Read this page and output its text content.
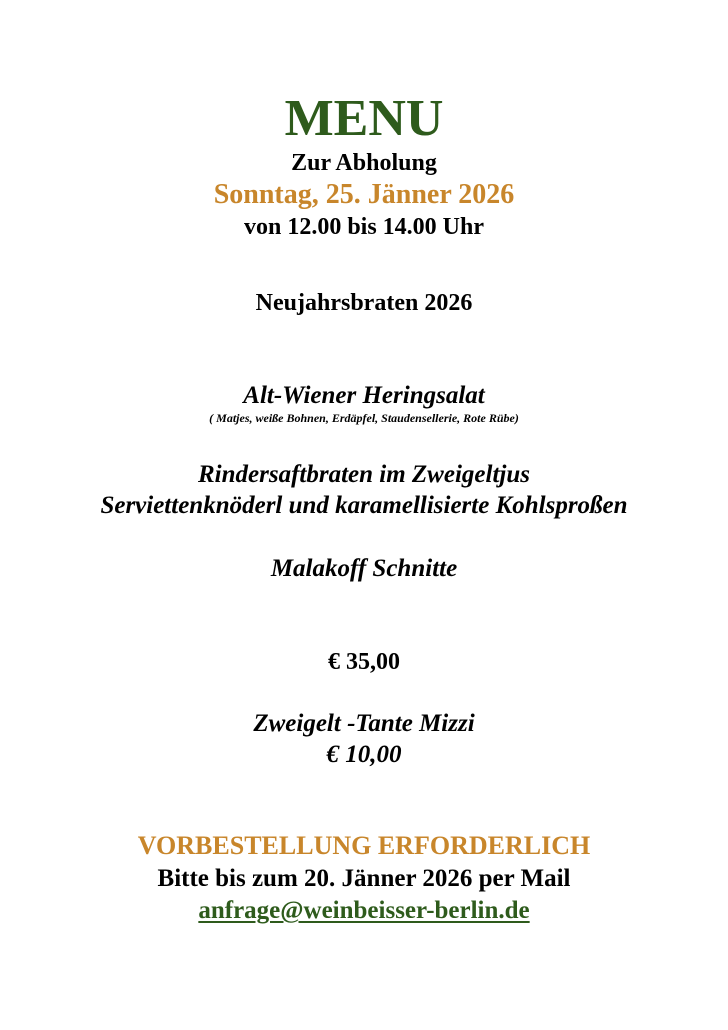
MENU
Zur Abholung
Sonntag, 25. Jänner 2026
von 12.00 bis 14.00 Uhr
Neujahrsbraten 2026
Alt-Wiener Heringsalat
( Matjes, weiße Bohnen, Erdäpfel, Staudensellerie, Rote Rübe)
Rindersaftbraten im Zweigeltjus
Serviettenknöderl und karamellisierte Kohlsproßen
Malakoff Schnitte
€ 35,00
Zweigelt -Tante Mizzi
€ 10,00
VORBESTELLUNG ERFORDERLICH
Bitte bis zum 20. Jänner 2026 per Mail
anfrage@weinbeisser-berlin.de
